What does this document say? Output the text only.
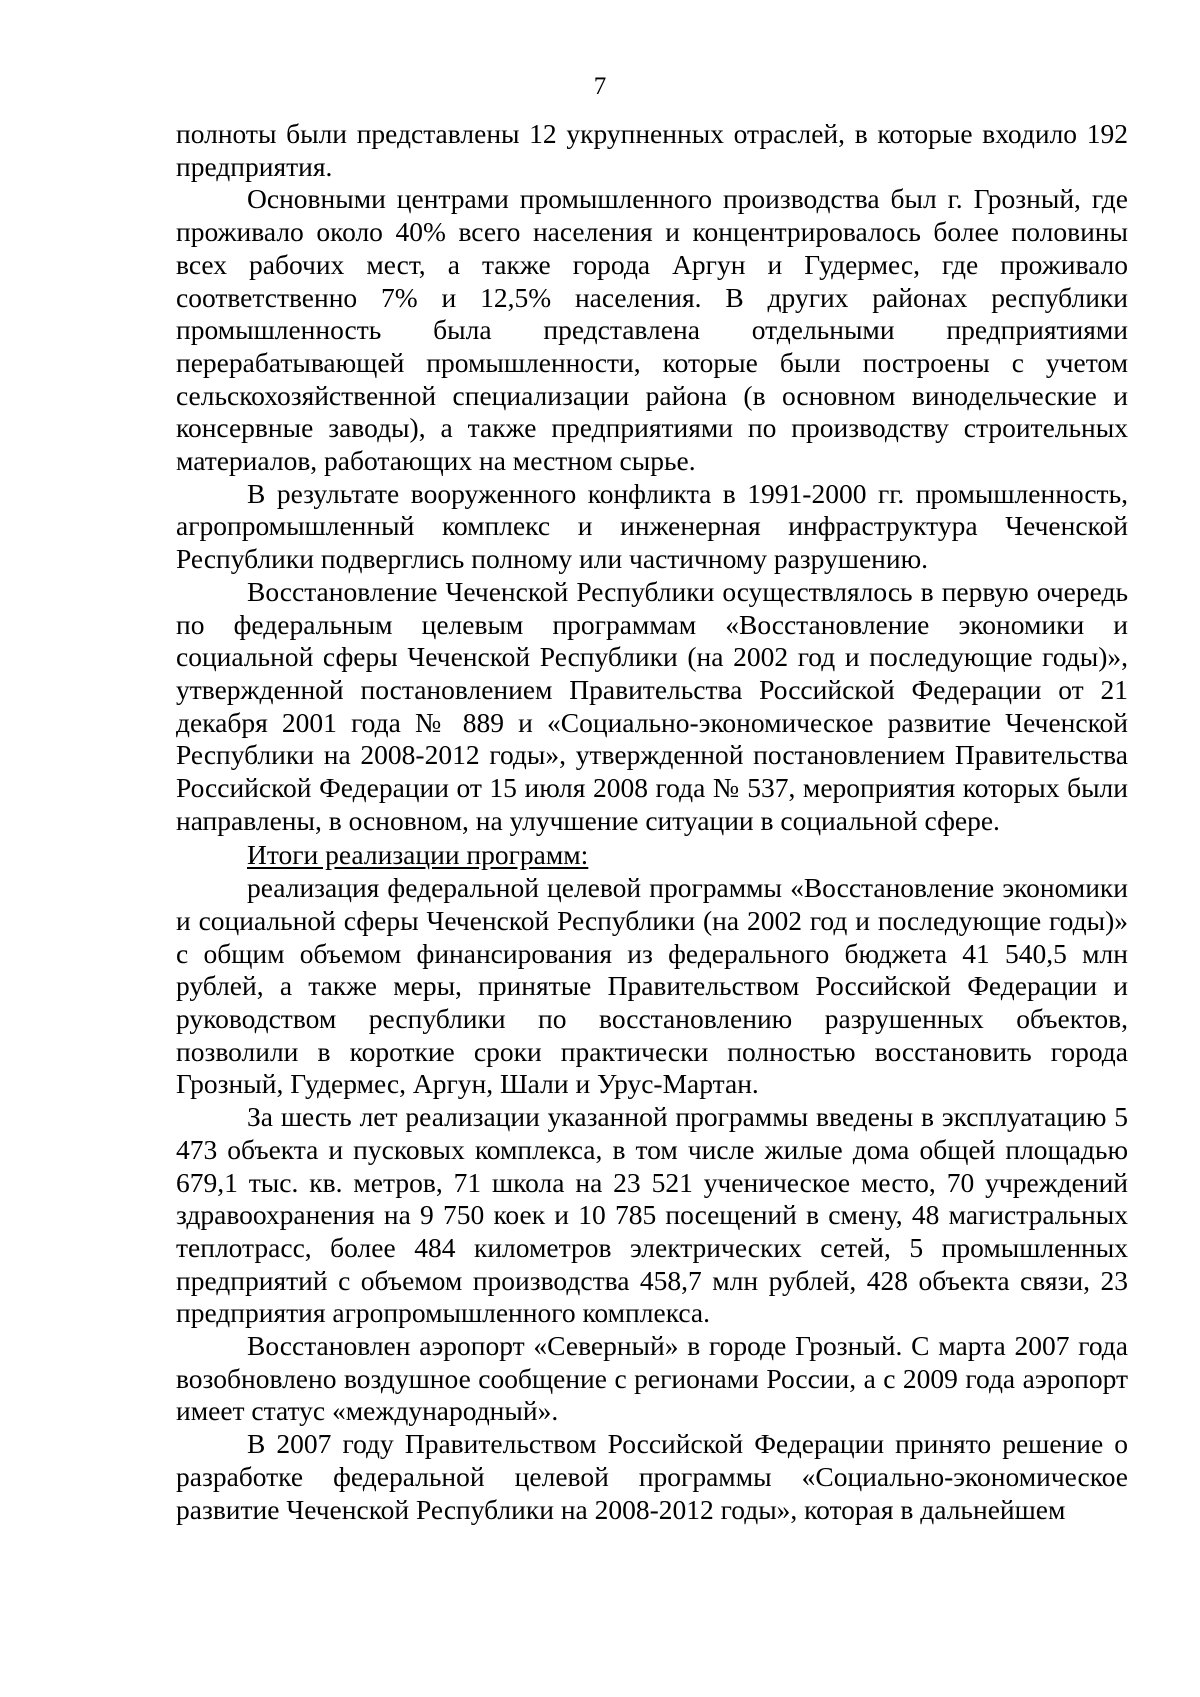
7

полноты были представлены 12 укрупненных отраслей, в которые входило 192 предприятия.

Основными центрами промышленного производства был г. Грозный, где проживало около 40% всего населения и концентрировалось более половины всех рабочих мест, а также города Аргун и Гудермес, где проживало соответственно 7% и 12,5% населения. В других районах республики промышленность была представлена отдельными предприятиями перерабатывающей промышленности, которые были построены с учетом сельскохозяйственной специализации района (в основном винодельческие и консервные заводы), а также предприятиями по производству строительных материалов, работающих на местном сырье.

В результате вооруженного конфликта в 1991-2000 гг. промышленность, агропромышленный комплекс и инженерная инфраструктура Чеченской Республики подверглись полному или частичному разрушению.

Восстановление Чеченской Республики осуществлялось в первую очередь по федеральным целевым программам «Восстановление экономики и социальной сферы Чеченской Республики (на 2002 год и последующие годы)», утвержденной постановлением Правительства Российской Федерации от 21 декабря 2001 года № 889 и «Социально-экономическое развитие Чеченской Республики на 2008-2012 годы», утвержденной постановлением Правительства Российской Федерации от 15 июля 2008 года № 537, мероприятия которых были направлены, в основном, на улучшение ситуации в социальной сфере.

Итоги реализации программ:

реализация федеральной целевой программы «Восстановление экономики и социальной сферы Чеченской Республики (на 2002 год и последующие годы)» с общим объемом финансирования из федерального бюджета 41 540,5 млн рублей, а также меры, принятые Правительством Российской Федерации и руководством республики по восстановлению разрушенных объектов, позволили в короткие сроки практически полностью восстановить города Грозный, Гудермес, Аргун, Шали и Урус-Мартан.

За шесть лет реализации указанной программы введены в эксплуатацию 5 473 объекта и пусковых комплекса, в том числе жилые дома общей площадью 679,1 тыс. кв. метров, 71 школа на 23 521 ученическое место, 70 учреждений здравоохранения на 9 750 коек и 10 785 посещений в смену, 48 магистральных теплотрасс, более 484 километров электрических сетей, 5 промышленных предприятий с объемом производства 458,7 млн рублей, 428 объекта связи, 23 предприятия агропромышленного комплекса.

Восстановлен аэропорт «Северный» в городе Грозный. С марта 2007 года возобновлено воздушное сообщение с регионами России, а с 2009 года аэропорт имеет статус «международный».

В 2007 году Правительством Российской Федерации принято решение о разработке федеральной целевой программы «Социально-экономическое развитие Чеченской Республики на 2008-2012 годы», которая в дальнейшем
